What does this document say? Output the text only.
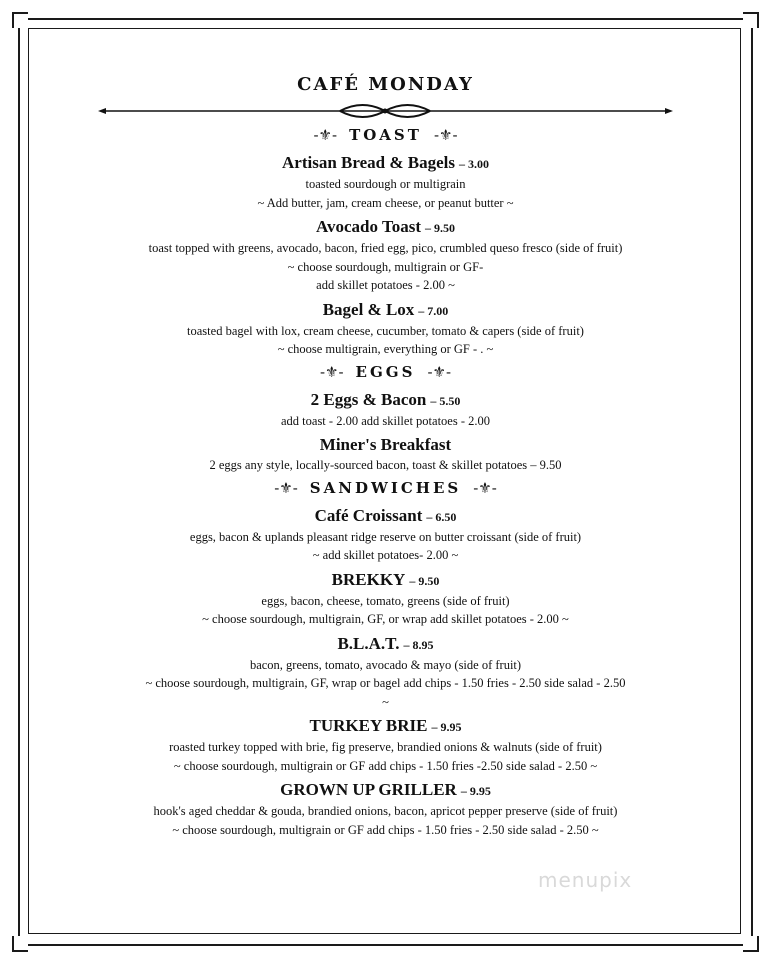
CAFÉ MONDAY
-⚜- TOAST -⚜-
Artisan Bread & Bagels – 3.00
toasted sourdough or multigrain
~ Add butter, jam, cream cheese, or peanut butter ~
Avocado Toast – 9.50
toast topped with greens, avocado, bacon, fried egg, pico, crumbled queso fresco (side of fruit)
~ choose sourdough, multigrain or GF-
add skillet potatoes - 2.00 ~
Bagel & Lox – 7.00
toasted bagel with lox, cream cheese, cucumber, tomato & capers (side of fruit)
~ choose multigrain, everything or GF - . ~
-⚜- EGGS -⚜-
2 Eggs & Bacon – 5.50
add toast - 2.00 add skillet potatoes - 2.00
Miner's Breakfast
2 eggs any style, locally-sourced bacon, toast & skillet potatoes – 9.50
-⚜- SANDWICHES -⚜-
Café Croissant – 6.50
eggs, bacon & uplands pleasant ridge reserve on butter croissant (side of fruit)
~ add skillet potatoes- 2.00 ~
BREKKY – 9.50
eggs, bacon, cheese, tomato, greens (side of fruit)
~ choose sourdough, multigrain, GF, or wrap add skillet potatoes - 2.00 ~
B.L.A.T. – 8.95
bacon, greens, tomato, avocado & mayo (side of fruit)
~ choose sourdough, multigrain, GF, wrap or bagel add chips - 1.50 fries - 2.50 side salad - 2.50
~
TURKEY BRIE – 9.95
roasted turkey topped with brie, fig preserve, brandied onions & walnuts (side of fruit)
~ choose sourdough, multigrain or GF add chips - 1.50 fries -2.50 side salad - 2.50 ~
GROWN UP GRILLER – 9.95
hook's aged cheddar & gouda, brandied onions, bacon, apricot pepper preserve (side of fruit)
~ choose sourdough, multigrain or GF add chips - 1.50 fries - 2.50 side salad - 2.50 ~
menupix
